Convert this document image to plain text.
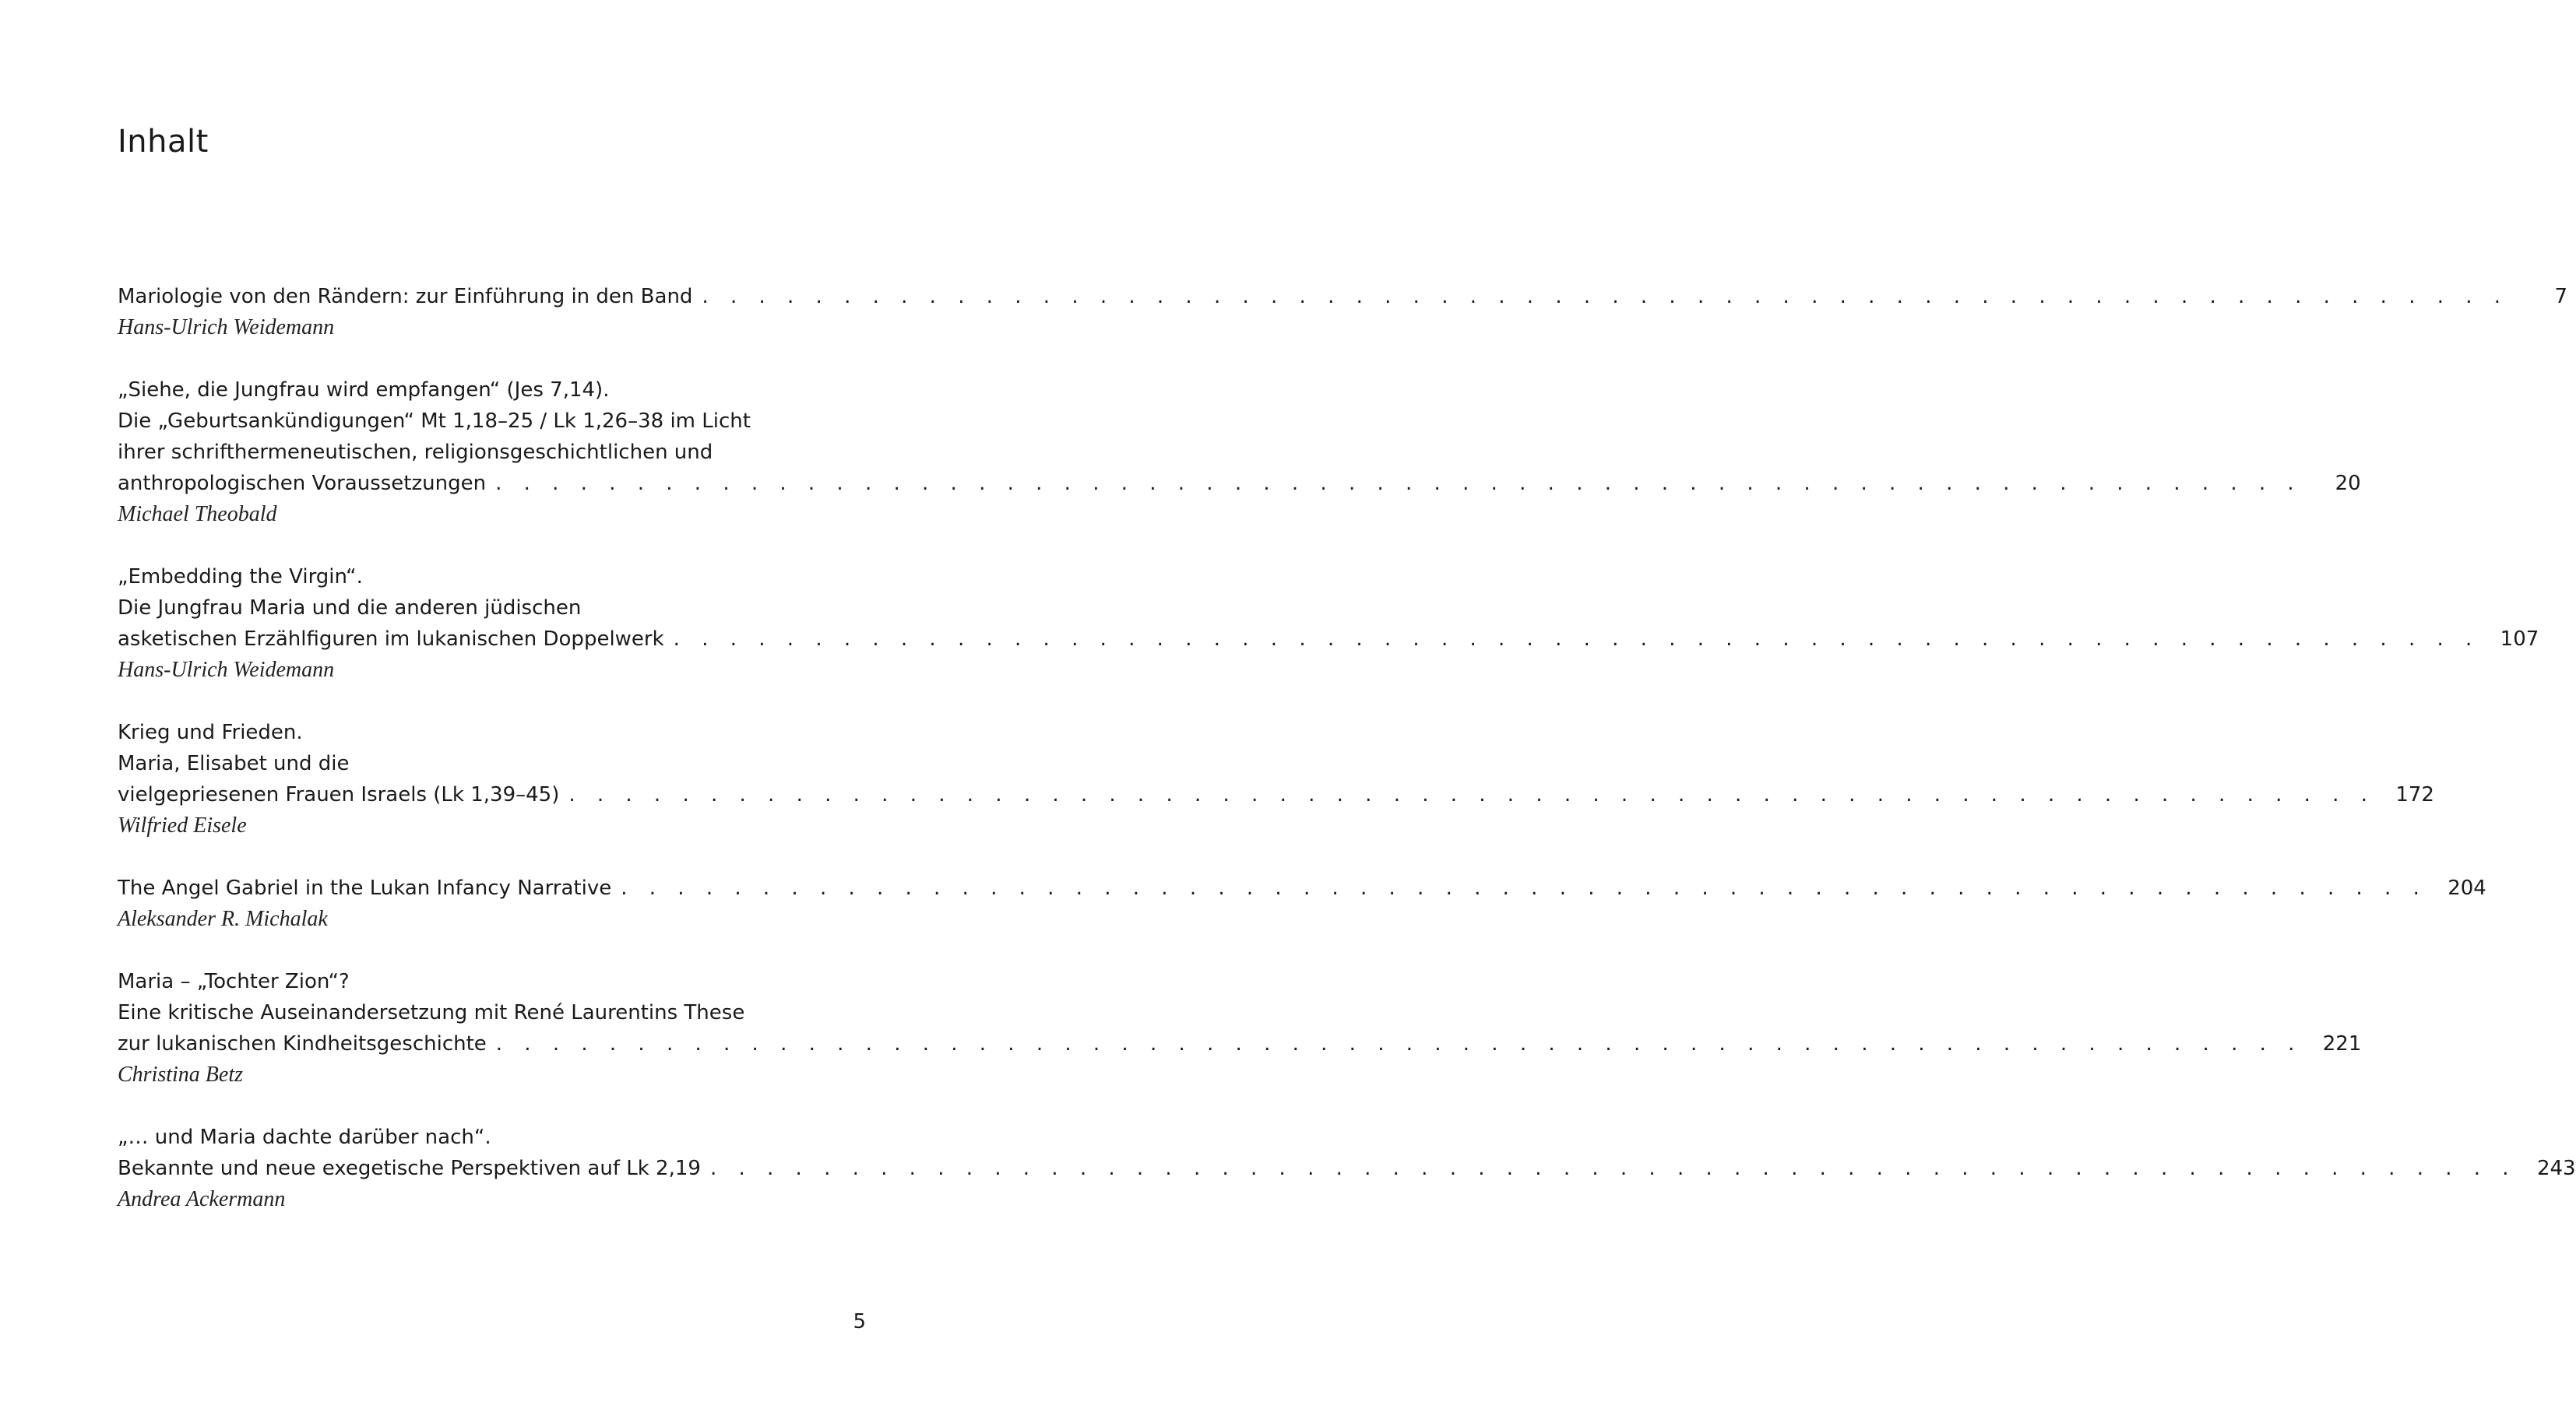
Inhalt
Mariologie von den Rändern: zur Einführung in den Band . . . . . . . . . . . . . . . . . . . . . . . . . . . . . . . . . . . . . . . . . . . . . . . . . . . . . . . . . . . . . . . .	7
Hans-Ulrich Weidemann
„Siehe, die Jungfrau wird empfangen“ (Jes 7,14).
Die „Geburtsankündigungen“ Mt 1,18–25 / Lk 1,26–38 im Licht
ihrer schrifthermeneutischen, religionsgeschichtlichen und
anthropologischen Voraussetzungen . . . . . . . . . . . . . . . . . . . . . . . . . . . . . . . . . . . . . . . . . . . . . . . . . . . . . . . . . . . . . . . .	20
Michael Theobald
„Embedding the Virgin“.
Die Jungfrau Maria und die anderen jüdischen
asketischen Erzählfiguren im lukanischen Doppelwerk . . . . . . . . . . . . . . . . . . . . . . . . . . . . . . . . . . . . . . . . . . . . . . . . . . . . . . . . . . . . . . . .	107
Hans-Ulrich Weidemann
Krieg und Frieden.
Maria, Elisabet und die
vielgepriesenen Frauen Israels (Lk 1,39–45) . . . . . . . . . . . . . . . . . . . . . . . . . . . . . . . . . . . . . . . . . . . . . . . . . . . . . . . . . . . . . . . .	172
Wilfried Eisele
The Angel Gabriel in the Lukan Infancy Narrative . . . . . . . . . . . . . . . . . . . . . . . . . . . . . . . . . . . . . . . . . . . . . . . . . . . . . . . . . . . . . . . .	204
Aleksander R. Michalak
Maria – „Tochter Zion“?
Eine kritische Auseinandersetzung mit René Laurentins These
zur lukanischen Kindheitsgeschichte . . . . . . . . . . . . . . . . . . . . . . . . . . . . . . . . . . . . . . . . . . . . . . . . . . . . . . . . . . . . . . . .	221
Christina Betz
„… und Maria dachte darüber nach“.
Bekannte und neue exegetische Perspektiven auf Lk 2,19 . . . . . . . . . . . . . . . . . . . . . . . . . . . . . . . . . . . . . . . . . . . . . . . . . . . . . . . . . . . . . . . .	243
Andrea Ackermann
5
